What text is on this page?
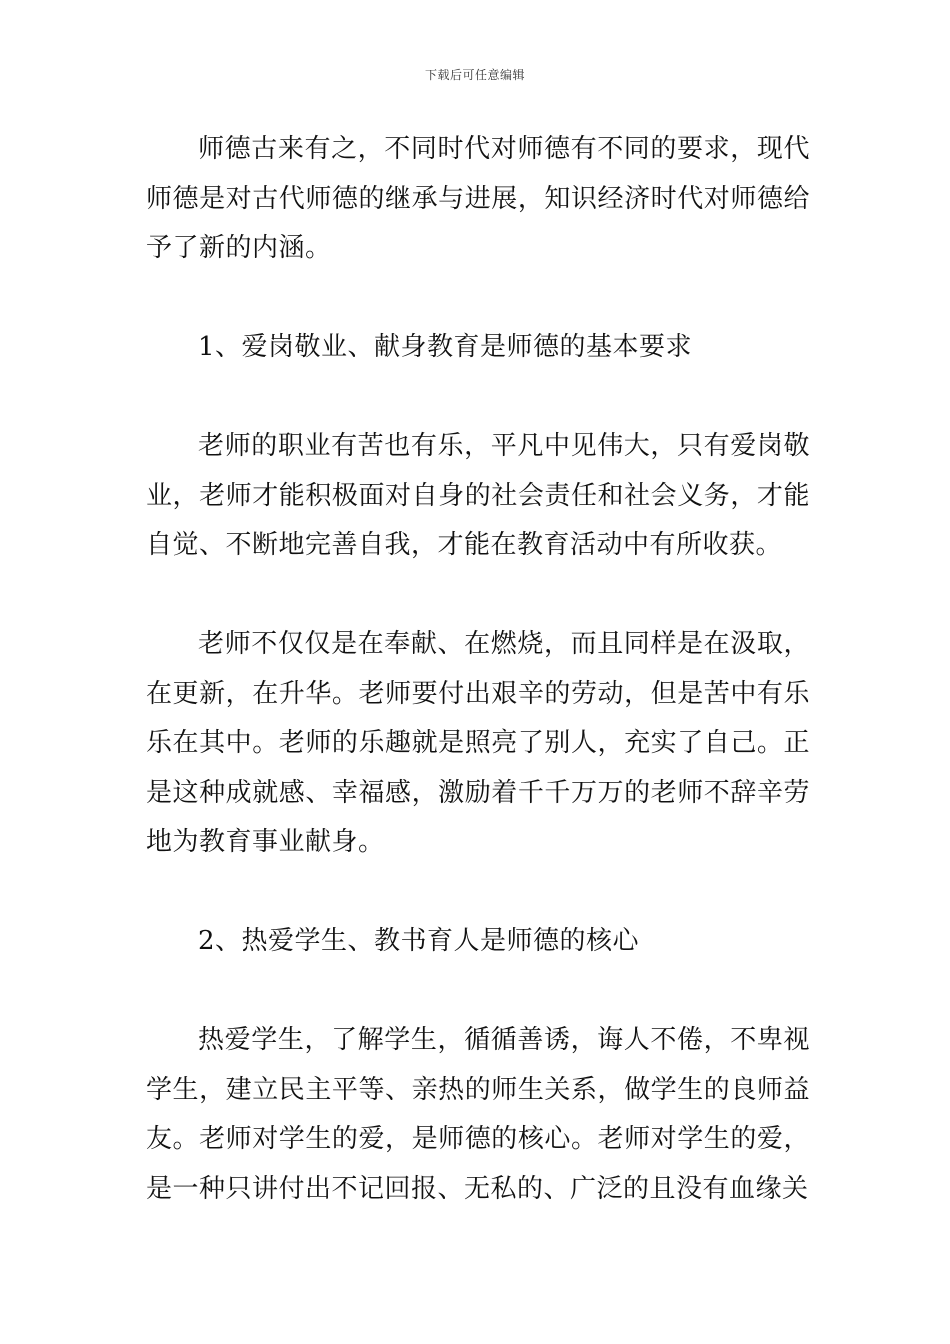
下载后可任意编辑

师德古来有之，不同时代对师德有不同的要求，现代师德是对古代师德的继承与进展，知识经济时代对师德给予了新的内涵。

1、爱岗敬业、献身教育是师德的基本要求

老师的职业有苦也有乐，平凡中见伟大，只有爱岗敬业，老师才能积极面对自身的社会责任和社会义务，才能自觉、不断地完善自我，才能在教育活动中有所收获。

老师不仅仅是在奉献、在燃烧，而且同样是在汲取，在更新，在升华。老师要付出艰辛的劳动，但是苦中有乐乐在其中。老师的乐趣就是照亮了别人，充实了自己。正是这种成就感、幸福感，激励着千千万万的老师不辞辛劳地为教育事业献身。

2、热爱学生、教书育人是师德的核心

热爱学生，了解学生，循循善诱，诲人不倦，不卑视学生，建立民主平等、亲热的师生关系，做学生的良师益友。老师对学生的爱，是师德的核心。老师对学生的爱，是一种只讲付出不记回报、无私的、广泛的且没有血缘关
